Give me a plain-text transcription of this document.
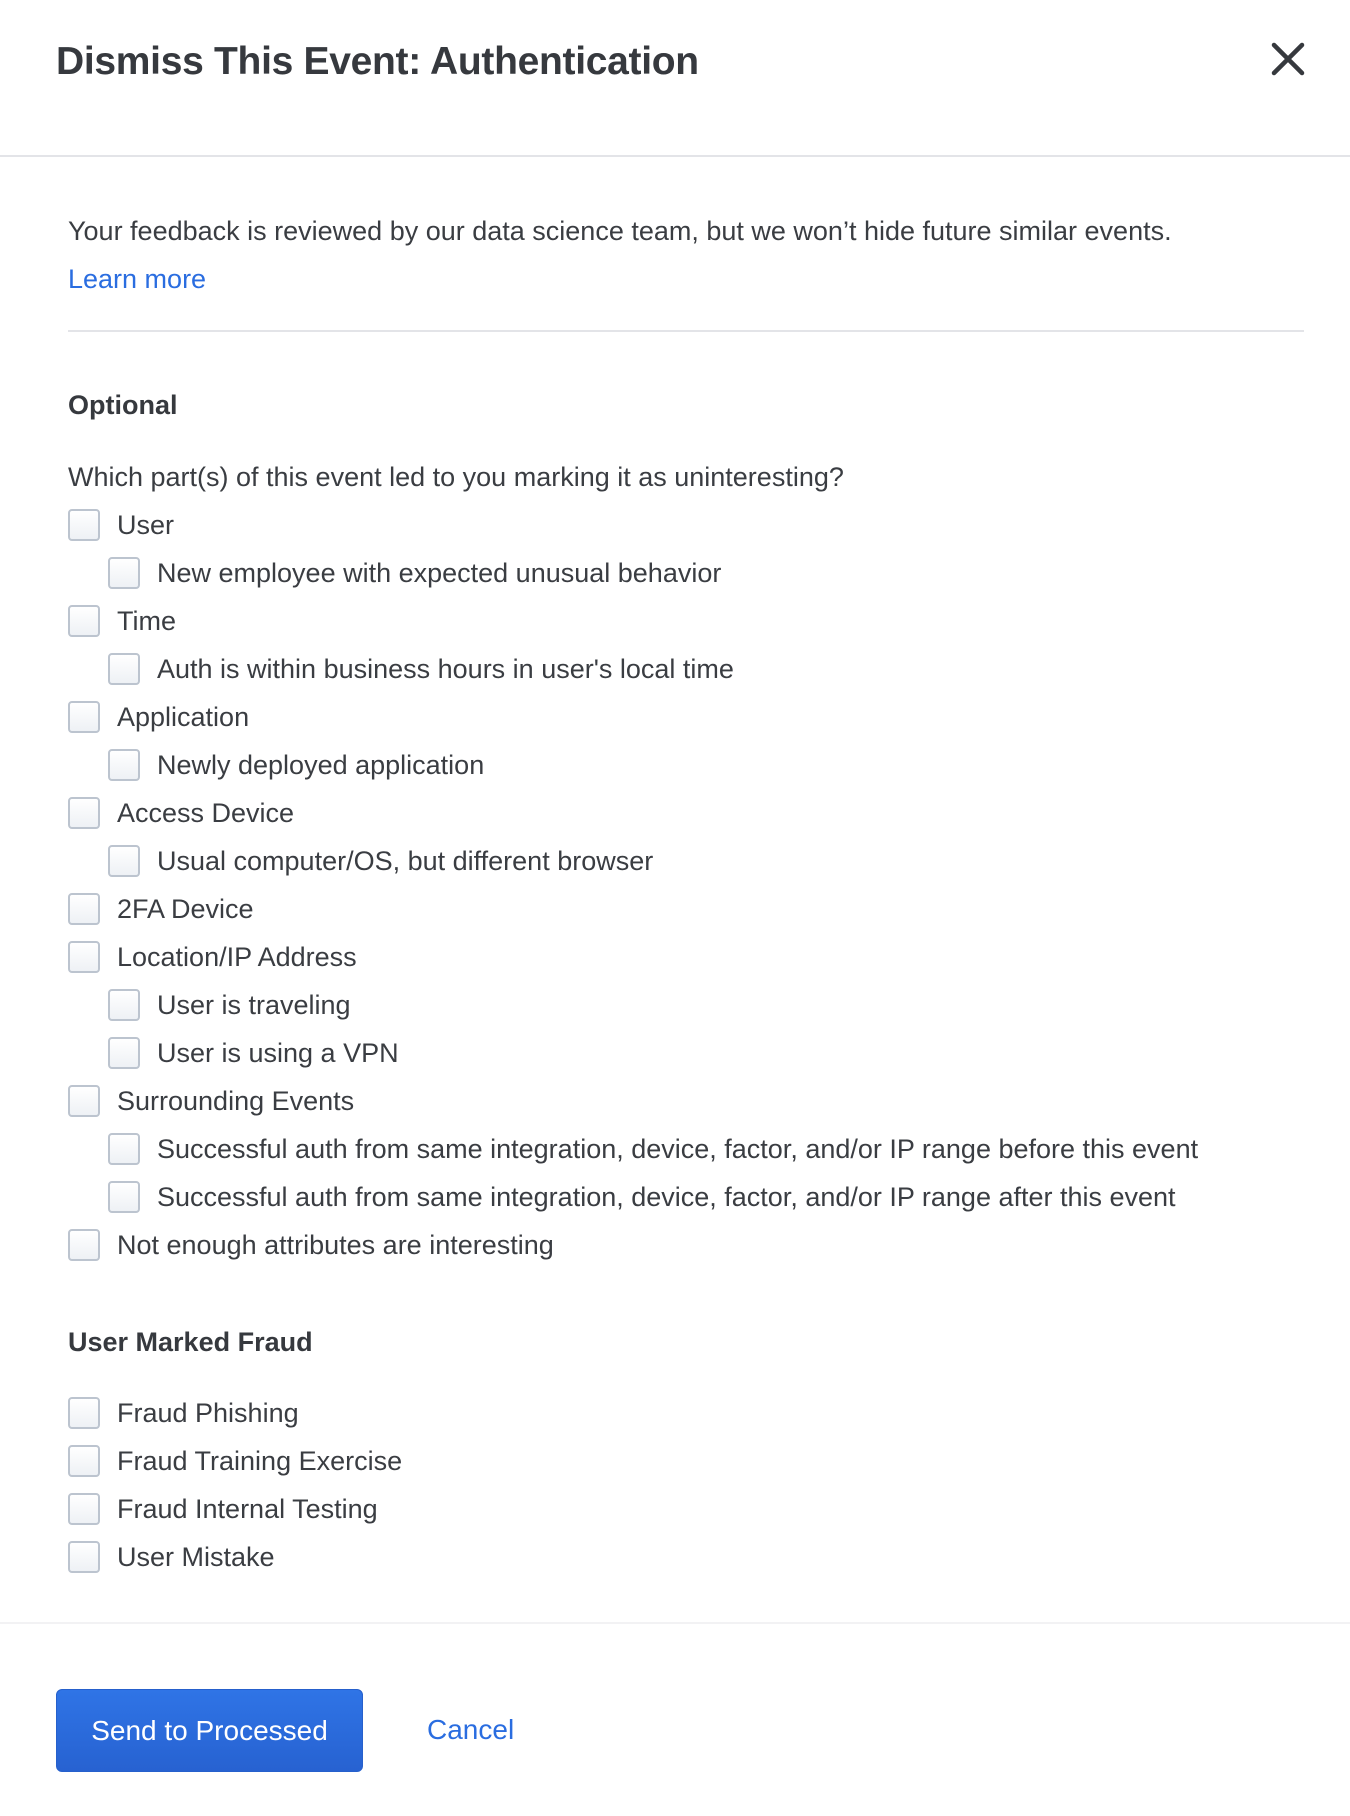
Dismiss This Event: Authentication

Your feedback is reviewed by our data science team, but we won’t hide future similar events.

Learn more
Optional

Which part(s) of this event led to you marking it as uninteresting?

User
New employee with expected unusual behavior
Time
Auth is within business hours in user's local time
Application
Newly deployed application
Access Device
Usual computer/OS, but different browser
2FA Device
Location/IP Address
User is traveling
User is using a VPN
Surrounding Events
Successful auth from same integration, device, factor, and/or IP range before this event
Successful auth from same integration, device, factor, and/or IP range after this event
Not enough attributes are interesting
User Marked Fraud
Fraud Phishing
Fraud Training Exercise
Fraud Internal Testing
User Mistake
Send to Processed	Cancel
